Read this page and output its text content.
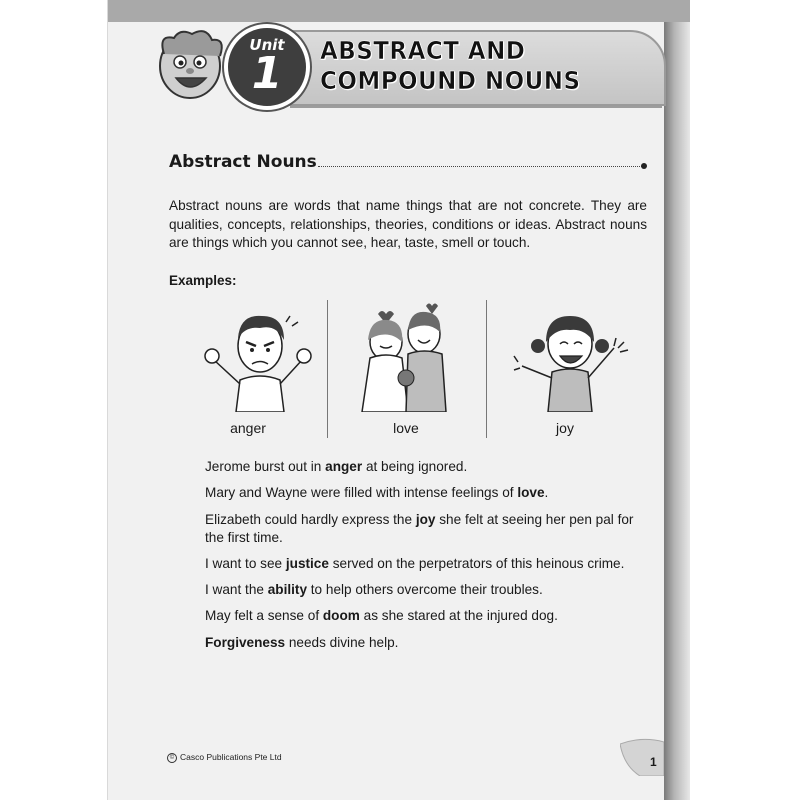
Unit
1	ABSTRACT AND
COMPOUND NOUNS
Abstract Nouns
Abstract nouns are words that name things that are not concrete. They are qualities, concepts, relationships, theories, conditions or ideas. Abstract nouns are things which you cannot see, hear, taste, smell or touch.
Examples:
anger	love	joy
Jerome burst out in anger at being ignored.
Mary and Wayne were filled with intense feelings of love.
Elizabeth could hardly express the joy she felt at seeing her pen pal for the first time.
I want to see justice served on the perpetrators of this heinous crime.
I want the ability to help others overcome their troubles.
May felt a sense of doom as she stared at the injured dog.
Forgiveness needs divine help.
© Casco Publications Pte Ltd	1
